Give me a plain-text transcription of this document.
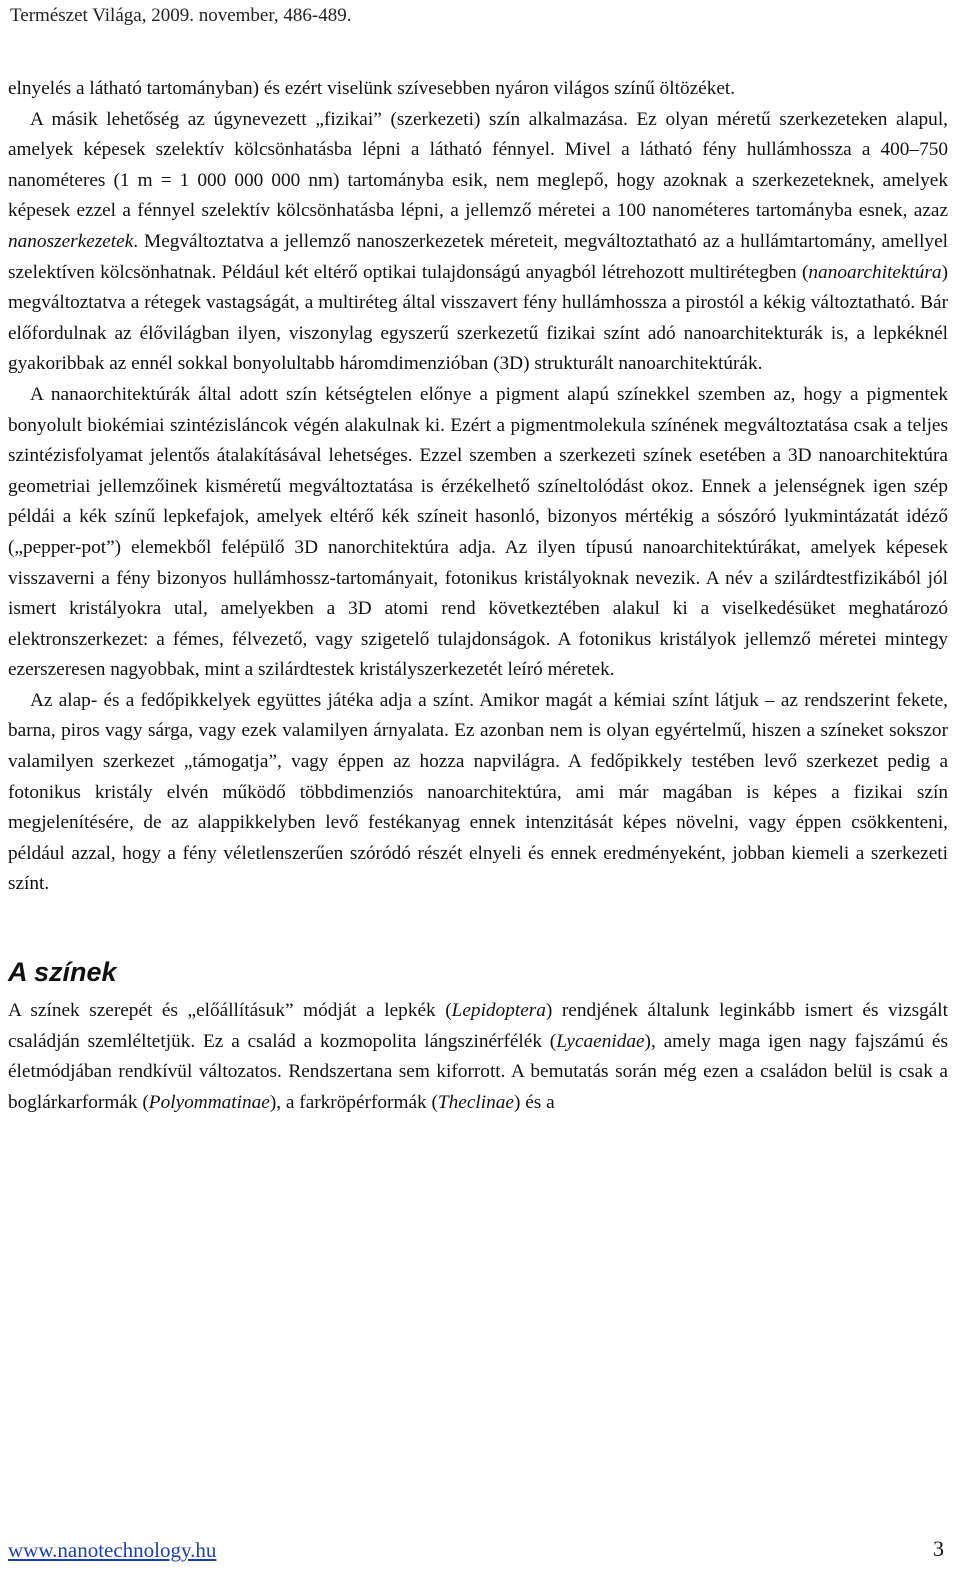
Természet Világa, 2009. november, 486-489.

elnyelés a látható tartományban) és ezért viselünk szívesebben nyáron világos színű öltözéket.

A másik lehetőség az úgynevezett „fizikai” (szerkezeti) szín alkalmazása. Ez olyan méretű szerkezeteken alapul, amelyek képesek szelektív kölcsönhatásba lépni a látható fénnyel. Mivel a látható fény hullámhossza a 400–750 nanométeres (1 m = 1 000 000 000 nm) tartományba esik, nem meglepő, hogy azoknak a szerkezeteknek, amelyek képesek ezzel a fénnyel szelektív kölcsönhatásba lépni, a jellemző méretei a 100 nanométeres tartományba esnek, azaz nanoszerkezetek. Megváltoztatva a jellemző nanoszerkezetek méreteit, megváltoztatható az a hullámtartomány, amellyel szelektíven kölcsönhatnak. Például két eltérő optikai tulajdonságú anyagból létrehozott multirétegben (nanoarchitektúra) megváltoztatva a rétegek vastagságát, a multiréteg által visszavert fény hullámhossza a pirostól a kékig változtatható. Bár előfordulnak az élővilágban ilyen, viszonylag egyszerű szerkezetű fizikai színt adó nanoarchitekturák is, a lepkéknél gyakoribbak az ennél sokkal bonyolultabb háromdimenzióban (3D) strukturált nanoarchitektúrák.

A nanaorchitektúrák által adott szín kétségtelen előnye a pigment alapú színekkel szemben az, hogy a pigmentek bonyolult biokémiai szintézisláncok végén alakulnak ki. Ezért a pigmentmolekula színének megváltoztatása csak a teljes szintézisfolyamat jelentős átalakításával lehetséges. Ezzel szemben a szerkezeti színek esetében a 3D nanoarchitektúra geometriai jellemzőinek kisméretű megváltoztatása is érzékelhető színeltolódást okoz. Ennek a jelenségnek igen szép példái a kék színű lepkefajok, amelyek eltérő kék színeit hasonló, bizonyos mértékig a sószóró lyukmintázatát idéző („pepper-pot”) elemekből felépülő 3D nanorchitektúra adja. Az ilyen típusú nanoarchitektúrákat, amelyek képesek visszaverni a fény bizonyos hullámhossz-tartományait, fotonikus kristályoknak nevezik. A név a szilárdtestfizikából jól ismert kristályokra utal, amelyekben a 3D atomi rend következtében alakul ki a viselkedésüket meghatározó elektronszerkezet: a fémes, félvezető, vagy szigetelő tulajdonságok. A fotonikus kristályok jellemző méretei mintegy ezerszeresen nagyobbak, mint a szilárdtestek kristályszerkezetét leíró méretek.

Az alap- és a fedőpikkelyek együttes játéka adja a színt. Amikor magát a kémiai színt látjuk – az rendszerint fekete, barna, piros vagy sárga, vagy ezek valamilyen árnyalata. Ez azonban nem is olyan egyértelmű, hiszen a színeket sokszor valamilyen szerkezet „támogatja”, vagy éppen az hozza napvilágra. A fedőpikkely testében levő szerkezet pedig a fotonikus kristály elvén működő többdimenziós nanoarchitektúra, ami már magában is képes a fizikai szín megjelenítésére, de az alappikkelyben levő festékanyag ennek intenzitását képes növelni, vagy éppen csökkenteni, például azzal, hogy a fény véletlenszerűen szóródó részét elnyeli és ennek eredményeként, jobban kiemeli a szerkezeti színt.

A színek

A színek szerepét és „előállításuk” módját a lepkék (Lepidoptera) rendjének általunk leginkább ismert és vizsgált családján szemléltetjük. Ez a család a kozmopolita lángszinérfélék (Lycaenidae), amely maga igen nagy fajszámú és életmódjában rendkívül változatos. Rendszertana sem kiforrott. A bemutatás során még ezen a családon belül is csak a boglárkarformák (Polyommatinae), a farkröpérformák (Theclinae) és a

www.nanotechnology.hu	3
